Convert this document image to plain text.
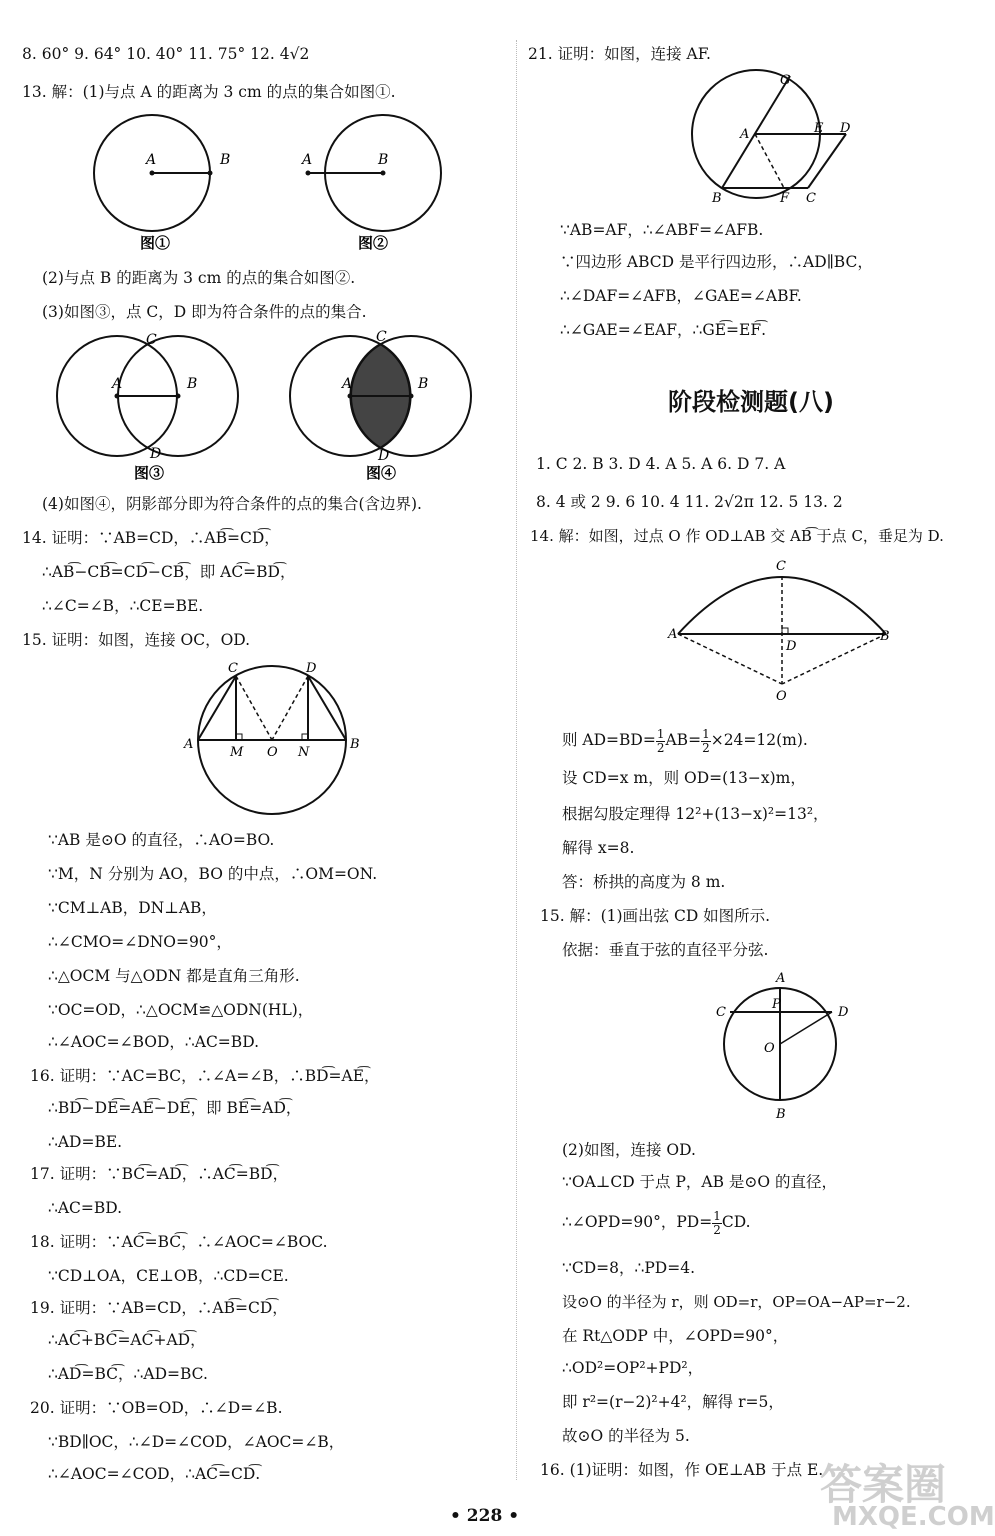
8. 60° 9. 64° 10. 40° 11. 75° 12. 4√2
13. 解：(1)与点 A 的距离为 3 cm 的点的集合如图①.
A	B
图①
A	B
图②
(2)与点 B 的距离为 3 cm 的点的集合如图②.
(3)如图③，点 C，D 即为符合条件的点的集合.
C
D
A	B
图③
C
D
A	B
图④
(4)如图④，阴影部分即为符合条件的点的集合(含边界).
14. 证明：∵AB=CD，∴AB͡=CD͡，
∴AB͡−CB͡=CD͡−CB͡，即 AC͡=BD͡，
∴∠C=∠B，∴CE=BE.
15. 证明：如图，连接 OC，OD.
C	D
A	B
M O N
∵AB 是⊙O 的直径，∴AO=BO.
∵M，N 分别为 AO，BO 的中点，∴OM=ON.
∵CM⊥AB，DN⊥AB，
∴∠CMO=∠DNO=90°，
∴△OCM 与△ODN 都是直角三角形.
∵OC=OD，∴△OCM≌△ODN(HL)，
∴∠AOC=∠BOD，∴AC=BD.
16. 证明：∵AC=BC，∴∠A=∠B，∴BD͡=AE͡，
∴BD͡−DE͡=AE͡−DE͡，即 BE͡=AD͡，
∴AD=BE.
17. 证明：∵BC͡=AD͡，∴AC͡=BD͡，
∴AC=BD.
18. 证明：∵AC͡=BC͡，∴∠AOC=∠BOC.
∵CD⊥OA，CE⊥OB，∴CD=CE.
19. 证明：∵AB=CD，∴AB͡=CD͡，
∴AC͡+BC͡=AC͡+AD͡，
∴AD͡=BC͡，∴AD=BC.
20. 证明：∵OB=OD，∴∠D=∠B.
∵BD∥OC，∴∠D=∠COD，∠AOC=∠B，
∴∠AOC=∠COD，∴AC͡=CD͡.
21. 证明：如图，连接 AF.
G
A	E D
B	F C
∵AB=AF，∴∠ABF=∠AFB.
∵四边形 ABCD 是平行四边形，∴AD∥BC，
∴∠DAF=∠AFB，∠GAE=∠ABF.
∴∠GAE=∠EAF，∴GE͡=EF͡.
阶段检测题(八)
1. C 2. B 3. D 4. A 5. A 6. D 7. A
8. 4 或 2 9. 6 10. 4 11. 2√2π 12. 5 13. 2
14. 解：如图，过点 O 作 OD⊥AB 交 AB͡ 于点 C，垂足为 D.
C
A	B
D
O
则 $AD=BD= \frac{1}{2} AB= \frac{1}{2} \times 24=12(m)$.
设 CD=x m，则 OD=(13−x)m，
根据勾股定理得 12²+(13−x)²=13²，
解得 x=8.
答：桥拱的高度为 8 m.
15. 解：(1)画出弦 CD 如图所示.
依据：垂直于弦的直径平分弦.
A
P
C	D
O
B
(2)如图，连接 OD.
∵OA⊥CD 于点 P，AB 是⊙O 的直径，
∴∠OPD=90°，$PD= \frac{1}{2}$ CD.
∵CD=8，∴PD=4.
设⊙O 的半径为 r，则 OD=r，OP=OA−AP=r−2.
在 Rt△ODP 中，∠OPD=90°，
∴OD²=OP²+PD²，
即 r²=(r−2)²+4²，解得 r=5，
故⊙O 的半径为 5.
16. (1)证明：如图，作 OE⊥AB 于点 E.
• 228 •
答案圈
MXQE.COM
